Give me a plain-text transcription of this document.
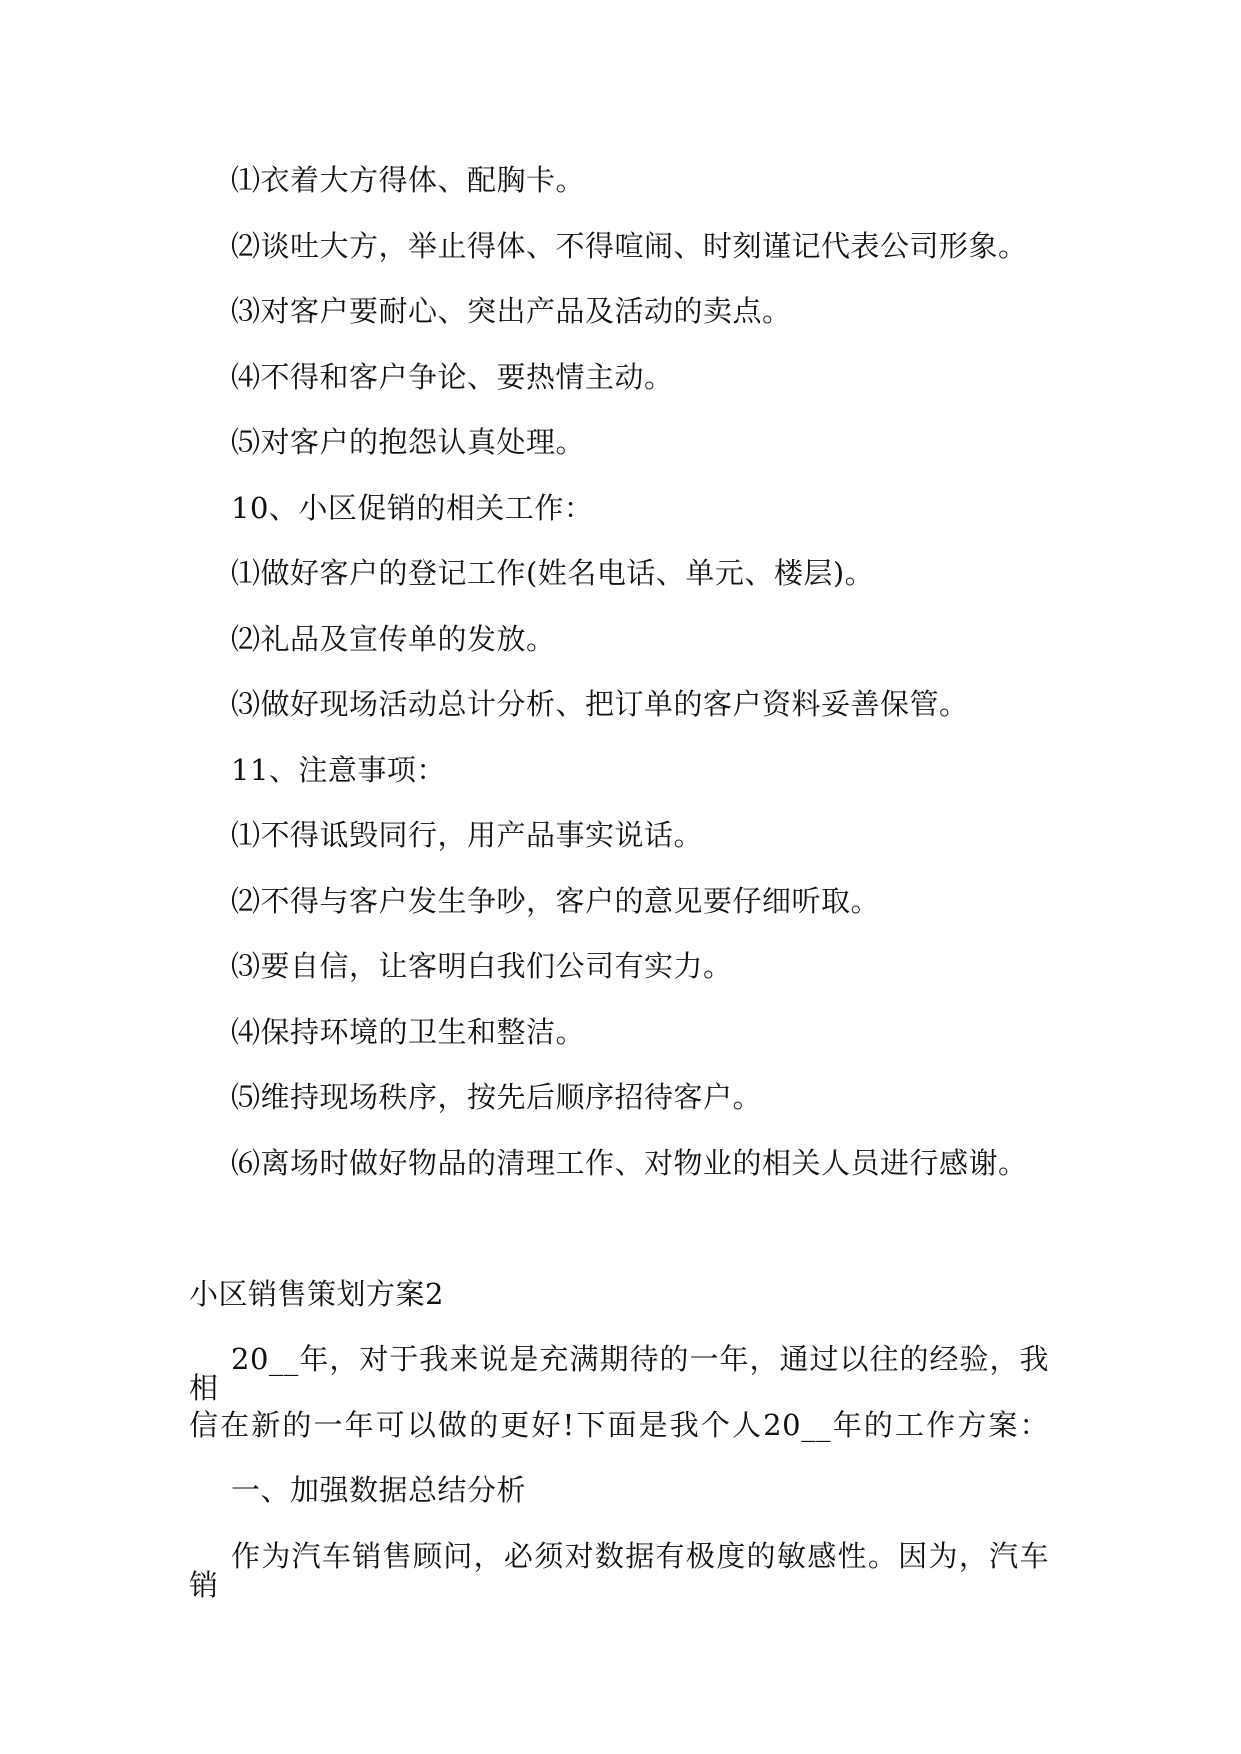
⑴衣着大方得体、配胸卡。
⑵谈吐大方，举止得体、不得喧闹、时刻谨记代表公司形象。
⑶对客户要耐心、突出产品及活动的卖点。
⑷不得和客户争论、要热情主动。
⑸对客户的抱怨认真处理。
10、小区促销的相关工作：
⑴做好客户的登记工作(姓名电话、单元、楼层)。
⑵礼品及宣传单的发放。
⑶做好现场活动总计分析、把订单的客户资料妥善保管。
11、注意事项：
⑴不得诋毁同行，用产品事实说话。
⑵不得与客户发生争吵，客户的意见要仔细听取。
⑶要自信，让客明白我们公司有实力。
⑷保持环境的卫生和整洁。
⑸维持现场秩序，按先后顺序招待客户。
⑹离场时做好物品的清理工作、对物业的相关人员进行感谢。
小区销售策划方案2
20__年，对于我来说是充满期待的一年，通过以往的经验，我相
信在新的一年可以做的更好!下面是我个人20__年的工作方案：
一、加强数据总结分析
作为汽车销售顾问，必须对数据有极度的敏感性。因为，汽车销
